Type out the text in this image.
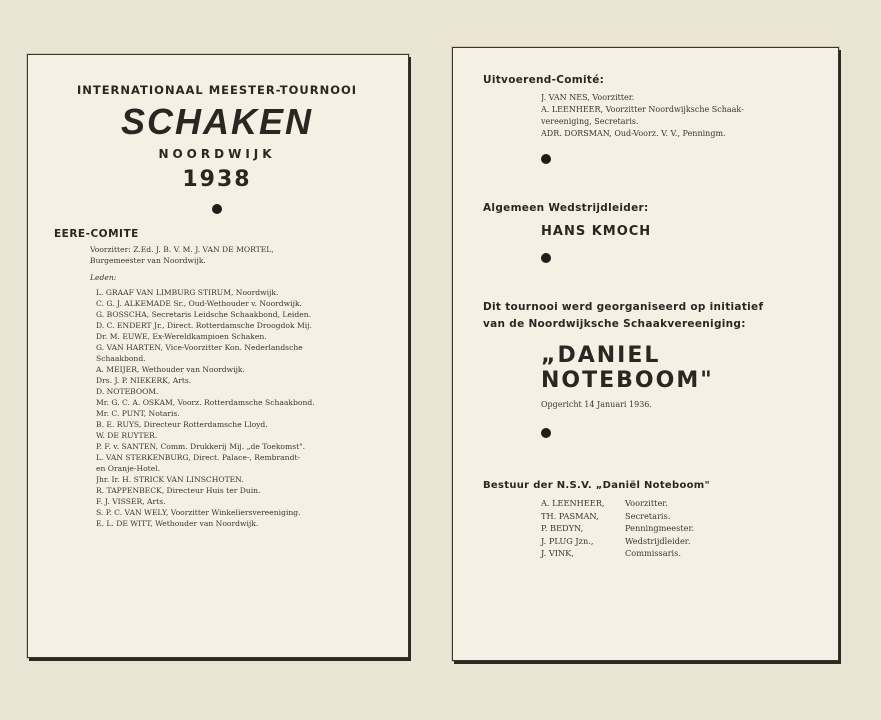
INTERNATIONAAL MEESTER-TOURNOOI
SCHAKEN
NOORDWIJK
1938
EERE-COMITE
Voorzitter: Z.Ed. J. B. V. M. J. VAN DE MORTEL,
Burgemeester van Noordwijk.
Leden:
L. GRAAF VAN LIMBURG STIRUM, Noordwijk.
C. G. J. ALKEMADE Sr., Oud-Wethouder v. Noordwijk.
G. BOSSCHA, Secretaris Leidsche Schaakbond, Leiden.
D. C. ENDERT Jr., Direct. Rotterdamsche Droogdok Mij.
Dr. M. EUWE, Ex-Wereldkampioen Schaken.
G. VAN HARTEN, Vice-Voorzitter Kon. Nederlandsche
Schaakbond.
A. MEIJER, Wethouder van Noordwijk.
Drs. J. P. NIEKERK, Arts.
D. NOTEBOOM.
Mr. G. C. A. OSKAM, Voorz. Rotterdamsche Schaakbond.
Mr. C. PUNT, Notaris.
B. E. RUYS, Directeur Rotterdamsche Lloyd.
W. DE RUYTER.
P. F. v. SANTEN, Comm. Drukkerij Mij. „de Toekomst".
L. VAN STERKENBURG, Direct. Palace-, Rembrandt-
en Oranje-Hotel.
Jhr. Ir. H. STRICK VAN LINSCHOTEN.
R. TAPPENBECK, Directeur Huis ter Duin.
F. J. VISSER, Arts.
S. P. C. VAN WELY, Voorzitter Winkeliersvereeniging.
E. L. DE WITT, Wethouder van Noordwijk.
Uitvoerend-Comité:
J. VAN NES, Voorzitter.
A. LEENHEER, Voorzitter Noordwijksche Schaak-
vereeniging, Secretaris.
ADR. DORSMAN, Oud-Voorz. V. V., Penningm.
Algemeen Wedstrijdleider:
HANS KMOCH
Dit tournooi werd georganiseerd op initiatief
van de Noordwijksche Schaakvereeniging:
„DANIEL NOTEBOOM"
Opgericht 14 Januari 1936.
Bestuur der N.S.V. „Daniël Noteboom"
A. LEENHEER,	Voorzitter.
TH. PASMAN,	Secretaris.
P. BEDYN,	Penningmeester.
J. PLUG Jzn.,	Wedstrijdleider.
J. VINK,	Commissaris.
